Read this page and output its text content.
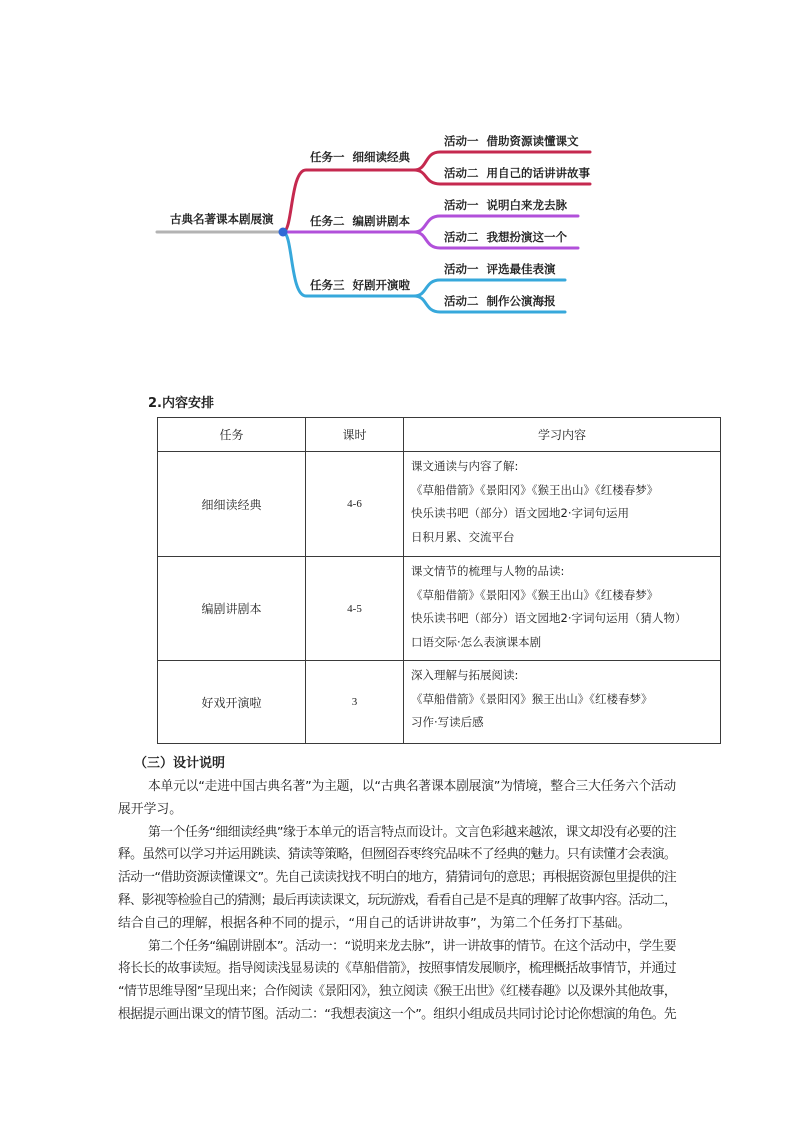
古典名著课本剧展演
任务一  细细读经典
活动一  借助资源读懂课文
活动二  用自己的话讲讲故事
任务二  编剧讲剧本
活动一  说明白来龙去脉
活动二  我想扮演这一个
任务三  好剧开演啦
活动一  评选最佳表演
活动二  制作公演海报
2.内容安排
任务	课时	学习内容
细细读经典	4-6	课文通读与内容了解:
《草船借箭》《景阳冈》《猴王出山》《红楼春梦》
快乐读书吧（部分）语文园地2·字词句运用
日积月累、交流平台

编剧讲剧本	4-5	课文情节的梳理与人物的品读:
《草船借箭》《景阳冈》《猴王出山》《红楼春梦》
快乐读书吧（部分）语文园地2·字词句运用（猜人物）
口语交际·怎么表演课本剧

好戏开演啦	3	深入理解与拓展阅读:
《草船借箭》《景阳冈》猴王出山》《红楼春梦》
习作·写读后感
（三）设计说明
本单元以“走进中国古典名著”为主题，以“古典名著课本剧展演”为情境，整合三大任务六个活动
展开学习。
第一个任务“细细读经典”缘于本单元的语言特点而设计。文言色彩越来越浓，课文却没有必要的注
释。虽然可以学习并运用跳读、猜读等策略，但囫囵吞枣终究品味不了经典的魅力。只有读懂才会表演。
活动一“借助资源读懂课文”。先自己读读找找不明白的地方，猜猜词句的意思；再根据资源包里提供的注
释、影视等检验自己的猜测；最后再读读课文，玩玩游戏，看看自己是不是真的理解了故事内容。活动二，
结合自己的理解，根据各种不同的提示，“用自己的话讲讲故事”，为第二个任务打下基础。
第二个任务“编剧讲剧本”。活动一：“说明来龙去脉”，讲一讲故事的情节。在这个活动中，学生要
将长长的故事读短。指导阅读浅显易读的《草船借箭》，按照事情发展顺序，梳理概括故事情节，并通过
“情节思维导图”呈现出来；合作阅读《景阳冈》，独立阅读《猴王出世》《红楼春趣》以及课外其他故事，
根据提示画出课文的情节图。活动二：“我想表演这一个”。组织小组成员共同讨论讨论你想演的角色。先
